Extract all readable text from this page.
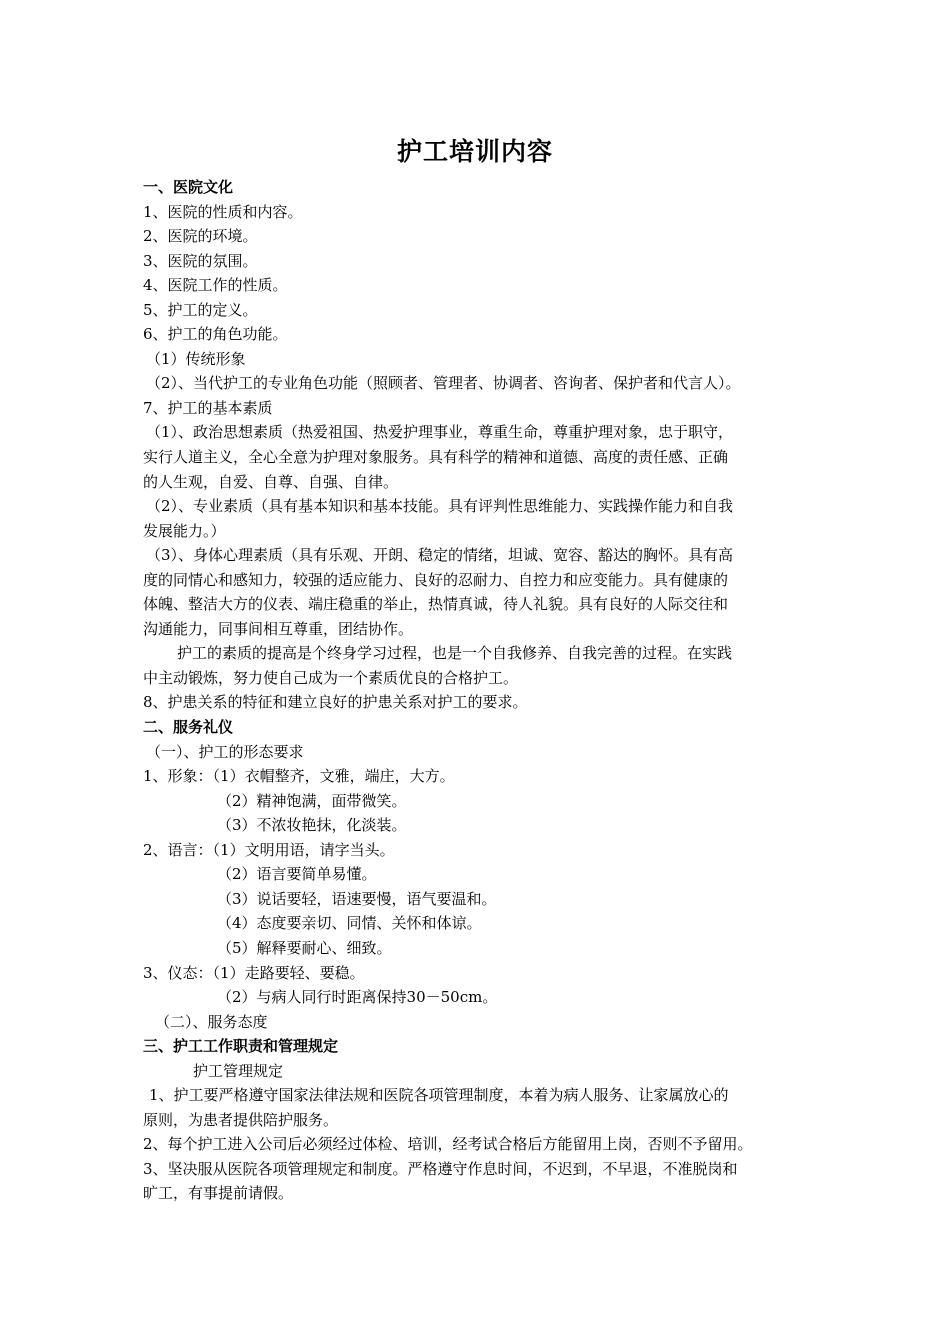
护工培训内容
一、医院文化
1、医院的性质和内容。
2、医院的环境。
3、医院的氛围。
4、医院工作的性质。
5、护工的定义。
6、护工的角色功能。
（1）传统形象
（2）、当代护工的专业角色功能（照顾者、管理者、协调者、咨询者、保护者和代言人）。
7、护工的基本素质
（1）、政治思想素质（热爱祖国、热爱护理事业，尊重生命，尊重护理对象，忠于职守，
实行人道主义，全心全意为护理对象服务。具有科学的精神和道德、高度的责任感、正确
的人生观，自爱、自尊、自强、自律。
（2）、专业素质（具有基本知识和基本技能。具有评判性思维能力、实践操作能力和自我
发展能力。）
（3）、身体心理素质（具有乐观、开朗、稳定的情绪，坦诚、宽容、豁达的胸怀。具有高
度的同情心和感知力，较强的适应能力、良好的忍耐力、自控力和应变能力。具有健康的
体魄、整洁大方的仪表、端庄稳重的举止，热情真诚，待人礼貌。具有良好的人际交往和
沟通能力，同事间相互尊重，团结协作。
护工的素质的提高是个终身学习过程，也是一个自我修养、自我完善的过程。在实践
中主动锻炼，努力使自己成为一个素质优良的合格护工。
8、护患关系的特征和建立良好的护患关系对护工的要求。
二、服务礼仪
（一）、护工的形态要求
1、形象：（1）衣帽整齐，文雅，端庄，大方。
（2）精神饱满，面带微笑。
（3）不浓妆艳抹，化淡装。
2、语言：（1）文明用语，请字当头。
（2）语言要简单易懂。
（3）说话要轻，语速要慢，语气要温和。
（4）态度要亲切、同情、关怀和体谅。
（5）解释要耐心、细致。
3、仪态：（1）走路要轻、要稳。
（2）与病人同行时距离保持30－50cm。
（二）、服务态度
三、护工工作职责和管理规定
护工管理规定
1、护工要严格遵守国家法律法规和医院各项管理制度，本着为病人服务、让家属放心的
原则，为患者提供陪护服务。
2、每个护工进入公司后必须经过体检、培训，经考试合格后方能留用上岗，否则不予留用。
3、坚决服从医院各项管理规定和制度。严格遵守作息时间，不迟到，不早退，不准脱岗和
旷工，有事提前请假。
